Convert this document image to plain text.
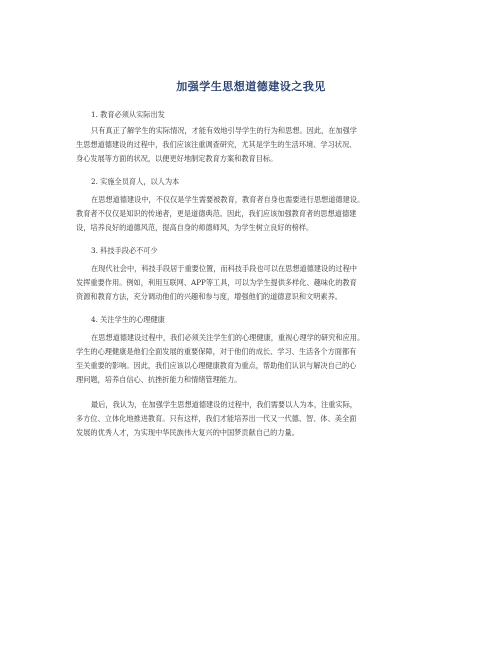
加强学生思想道德建设之我见
1. 教育必须从实际出发
只有真正了解学生的实际情况，才能有效地引导学生的行为和思想。因此，在加强学
生思想道德建设的过程中，我们应该注重调查研究，尤其是学生的生活环境、学习状况、
身心发展等方面的状况，以便更好地制定教育方案和教育目标。
2. 实施全员育人，以人为本
在思想道德建设中，不仅仅是学生需要被教育，教育者自身也需要进行思想道德建设。
教育者不仅仅是知识的传递者，更是道德典范。因此，我们应该加强教育者的思想道德建
设，培养良好的道德风范，提高自身的师德师风，为学生树立良好的榜样。
3. 科技手段必不可少
在现代社会中，科技手段居于重要位置，而科技手段也可以在思想道德建设的过程中
发挥重要作用。例如，利用互联网、APP等工具，可以为学生提供多样化、趣味化的教育
资源和教育方法，充分调动他们的兴趣和参与度，增强他们的道德意识和文明素养。
4. 关注学生的心理健康
在思想道德建设过程中，我们必须关注学生们的心理健康，重视心理学的研究和应用。
学生的心理健康是他们全面发展的重要保障，对于他们的成长、学习、生活各个方面都有
至关重要的影响。因此，我们应该以心理健康教育为重点，帮助他们认识与解决自己的心
理问题，培养自信心、抗挫折能力和情绪管理能力。
最后，我认为，在加强学生思想道德建设的过程中，我们需要以人为本，注重实际，
多方位、立体化地推进教育。只有这样，我们才能培养出一代又一代德、智、体、美全面
发展的优秀人才，为实现中华民族伟大复兴的中国梦贡献自己的力量。
